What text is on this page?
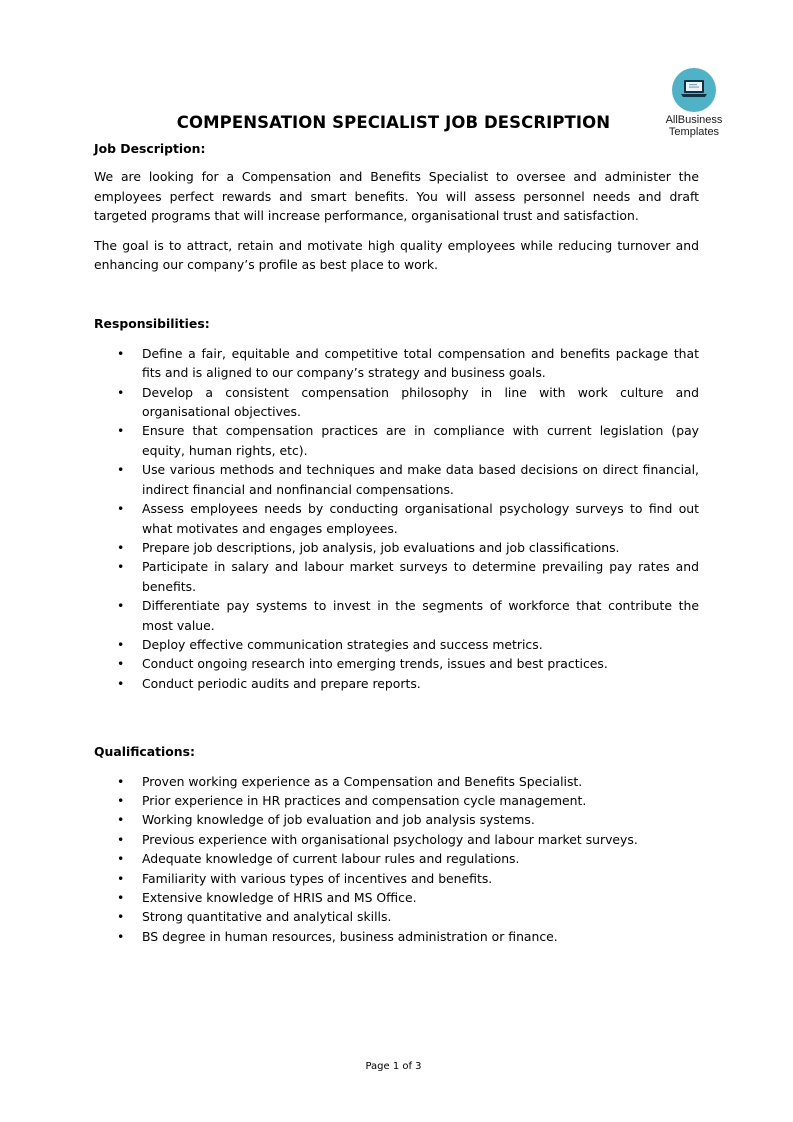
AllBusiness
Templates
COMPENSATION SPECIALIST JOB DESCRIPTION

Job Description:

We are looking for a Compensation and Benefits Specialist to oversee and administer the employees perfect rewards and smart benefits. You will assess personnel needs and draft targeted programs that will increase performance, organisational trust and satisfaction.

The goal is to attract, retain and motivate high quality employees while reducing turnover and enhancing our company’s profile as best place to work.

Responsibilities:

• Define a fair, equitable and competitive total compensation and benefits package that fits and is aligned to our company’s strategy and business goals.
• Develop a consistent compensation philosophy in line with work culture and organisational objectives.
• Ensure that compensation practices are in compliance with current legislation (pay equity, human rights, etc).
• Use various methods and techniques and make data based decisions on direct financial, indirect financial and nonfinancial compensations.
• Assess employees needs by conducting organisational psychology surveys to find out what motivates and engages employees.
• Prepare job descriptions, job analysis, job evaluations and job classifications.
• Participate in salary and labour market surveys to determine prevailing pay rates and benefits.
• Differentiate pay systems to invest in the segments of workforce that contribute the most value.
• Deploy effective communication strategies and success metrics.
• Conduct ongoing research into emerging trends, issues and best practices.
• Conduct periodic audits and prepare reports.

Qualifications:

• Proven working experience as a Compensation and Benefits Specialist.
• Prior experience in HR practices and compensation cycle management.
• Working knowledge of job evaluation and job analysis systems.
• Previous experience with organisational psychology and labour market surveys.
• Adequate knowledge of current labour rules and regulations.
• Familiarity with various types of incentives and benefits.
• Extensive knowledge of HRIS and MS Office.
• Strong quantitative and analytical skills.
• BS degree in human resources, business administration or finance.
Page 1 of 3
